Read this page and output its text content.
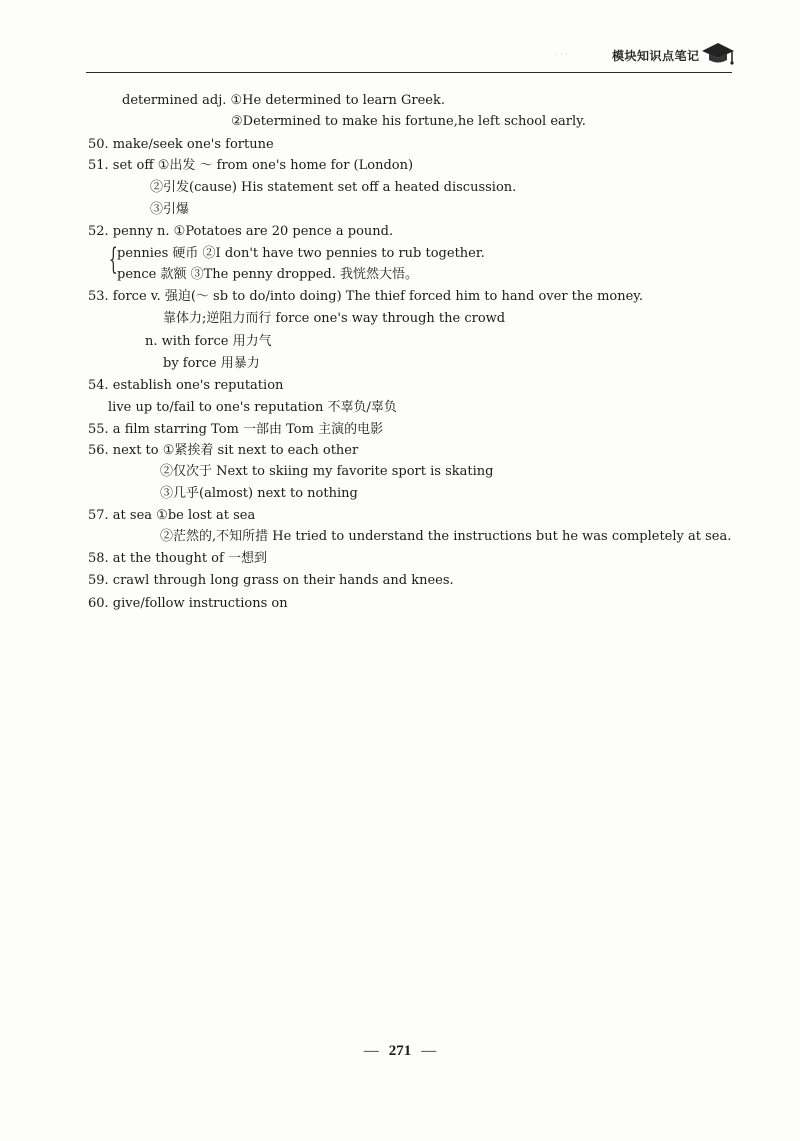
· · ·	模块知识点笔记
determined adj. ①He determined to learn Greek.
②Determined to make his fortune,he left school early.
50. make/seek one's fortune
51. set off ①出发 ～ from one's home for (London)
②引发(cause) His statement set off a heated discussion.
③引爆
52. penny n. ①Potatoes are 20 pence a pound.
{ pennies 硬币 ②I don't have two pennies to rub together.
pence 款额 ③The penny dropped. 我恍然大悟。
53. force v. 强迫(～ sb to do/into doing) The thief forced him to hand over the money.
靠体力;逆阻力而行 force one's way through the crowd
n. with force 用力气
by force 用暴力
54. establish one's reputation
live up to/fail to one's reputation 不辜负/辜负
55. a film starring Tom 一部由 Tom 主演的电影
56. next to ①紧挨着 sit next to each other
②仅次于 Next to skiing my favorite sport is skating
③几乎(almost) next to nothing
57. at sea ①be lost at sea
②茫然的,不知所措 He tried to understand the instructions but he was completely at sea.
58. at the thought of 一想到
59. crawl through long grass on their hands and knees.
60. give/follow instructions on
— 271 —
